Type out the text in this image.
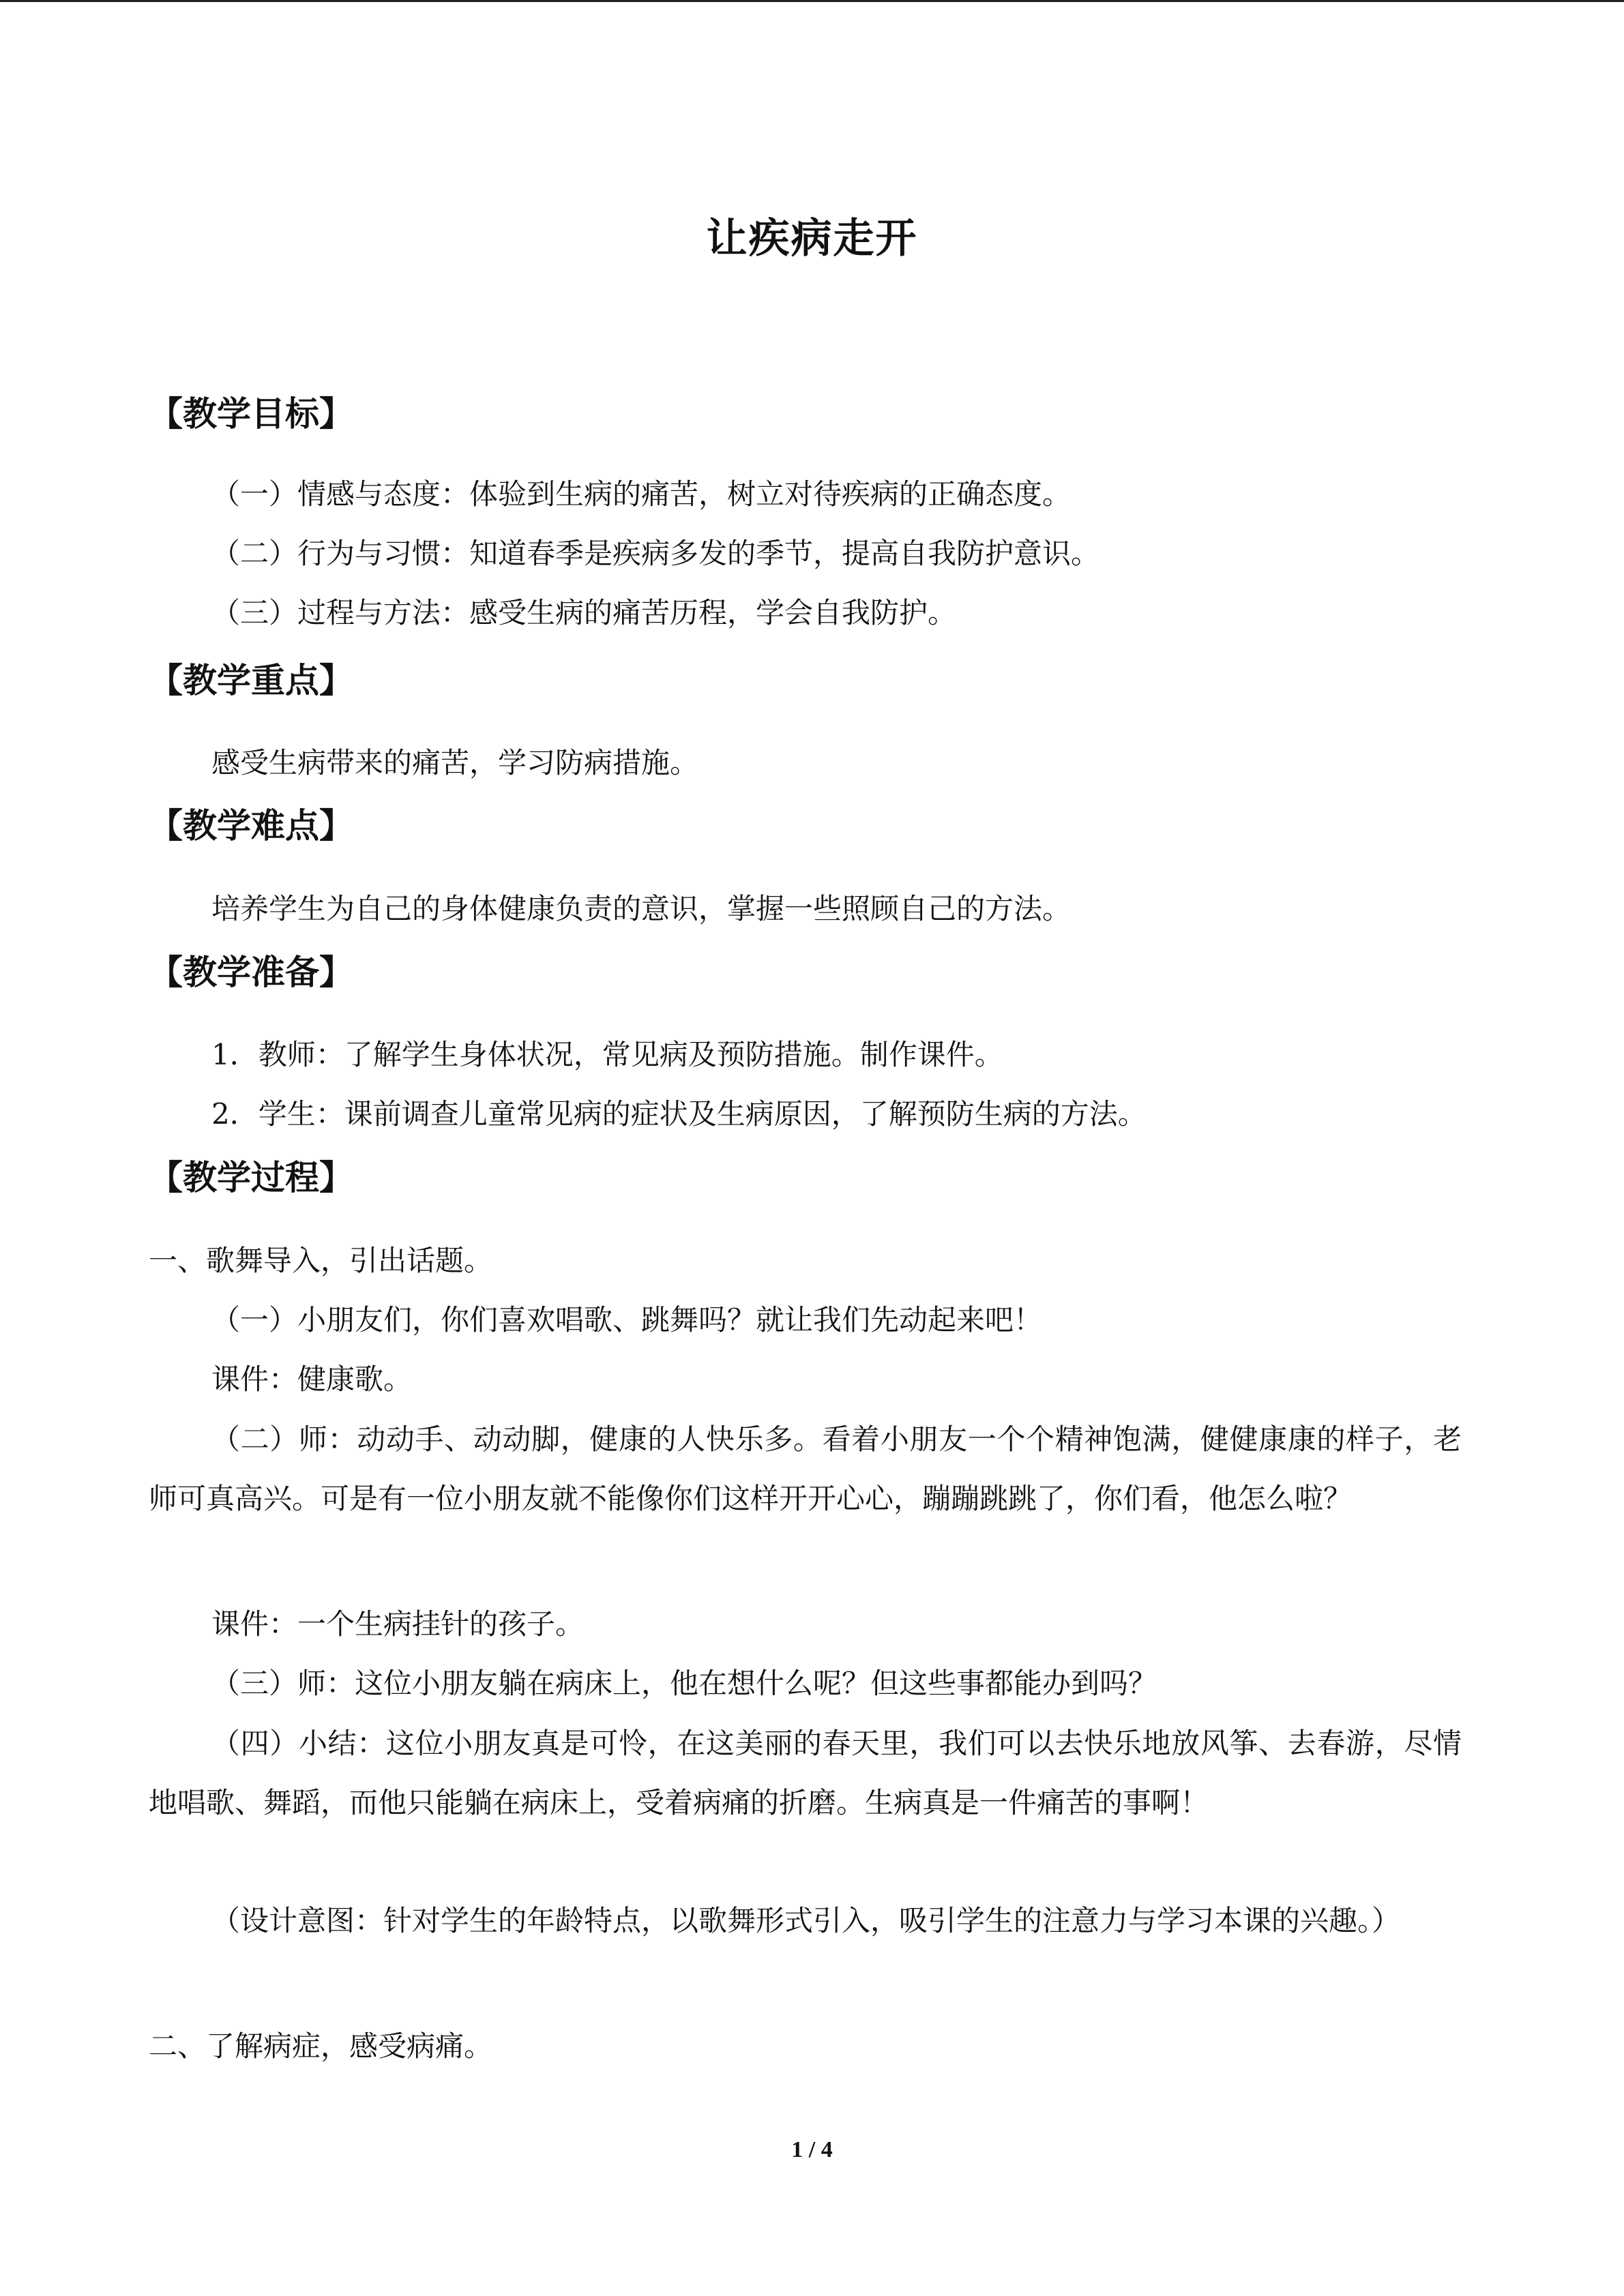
让疾病走开
【教学目标】
（一）情感与态度：体验到生病的痛苦，树立对待疾病的正确态度。
（二）行为与习惯：知道春季是疾病多发的季节，提高自我防护意识。
（三）过程与方法：感受生病的痛苦历程，学会自我防护。
【教学重点】
感受生病带来的痛苦，学习防病措施。
【教学难点】
培养学生为自己的身体健康负责的意识，掌握一些照顾自己的方法。
【教学准备】
1．教师：了解学生身体状况，常见病及预防措施。制作课件。
2．学生：课前调查儿童常见病的症状及生病原因，了解预防生病的方法。
【教学过程】
一、歌舞导入，引出话题。
（一）小朋友们，你们喜欢唱歌、跳舞吗？就让我们先动起来吧！
课件：健康歌。
（二）师：动动手、动动脚，健康的人快乐多。看着小朋友一个个精神饱满，健健康康的样子，老师可真高兴。可是有一位小朋友就不能像你们这样开开心心，蹦蹦跳跳了，你们看，他怎么啦？
课件：一个生病挂针的孩子。
（三）师：这位小朋友躺在病床上，他在想什么呢？但这些事都能办到吗？
（四）小结：这位小朋友真是可怜，在这美丽的春天里，我们可以去快乐地放风筝、去春游，尽情地唱歌、舞蹈，而他只能躺在病床上，受着病痛的折磨。生病真是一件痛苦的事啊！
（设计意图：针对学生的年龄特点，以歌舞形式引入，吸引学生的注意力与学习本课的兴趣。）
二、了解病症，感受病痛。
1 / 4
